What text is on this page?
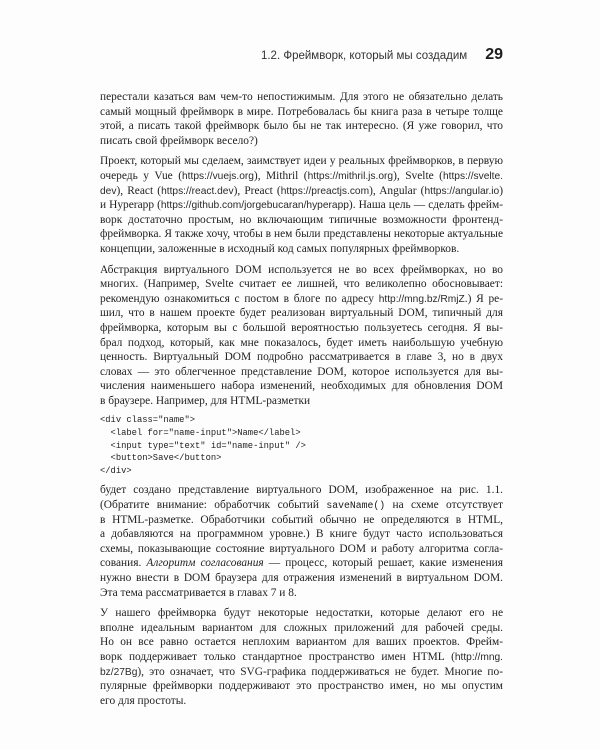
1.2. Фреймворк, который мы создадим 29
перестали казаться вам чем-то непостижимым. Для этого не обязательно делать
самый мощный фреймворк в мире. Потребовалась бы книга раза в четыре толще
этой, а писать такой фреймворк было бы не так интересно. (Я уже говорил, что
писать свой фреймворк весело?)
Проект, который мы сделаем, заимствует идеи у реальных фреймворков, в первую
очередь у Vue (https://vuejs.org), Mithril (https://mithril.js.org), Svelte (https://svelte.
dev), React (https://react.dev), Preact (https://preactjs.com), Angular (https://angular.io)
и Hyperapp (https://github.com/jorgebucaran/hyperapp). Наша цель — сделать фрейм-
ворк достаточно простым, но включающим типичные возможности фронтенд-
фреймворка. Я также хочу, чтобы в нем были представлены некоторые актуальные
концепции, заложенные в исходный код самых популярных фреймворков.
Абстракция виртуального DOM используется не во всех фреймворках, но во
многих. (Например, Svelte считает ее лишней, что великолепно обосновывает:
рекомендую ознакомиться с постом в блоге по адресу http://mng.bz/RmjZ.) Я ре-
шил, что в нашем проекте будет реализован виртуальный DOM, типичный для
фреймворка, которым вы с большой вероятностью пользуетесь сегодня. Я вы-
брал подход, который, как мне показалось, будет иметь наибольшую учебную
ценность. Виртуальный DOM подробно рассматривается в главе 3, но в двух
словах — это облегченное представление DOM, которое используется для вы-
числения наименьшего набора изменений, необходимых для обновления DOM
в браузере. Например, для HTML-разметки
<div class="name">
<label for="name-input">Name</label>
<input type="text" id="name-input" />
<button>Save</button>
</div>
будет создано представление виртуального DOM, изображенное на рис. 1.1.
(Обратите внимание: обработчик событий saveName() на схеме отсутствует
в HTML-разметке. Обработчики событий обычно не определяются в HTML,
а добавляются на программном уровне.) В книге будут часто использоваться
схемы, показывающие состояние виртуального DOM и работу алгоритма согла-
сования. Алгоритм согласования — процесс, который решает, какие изменения
нужно внести в DOM браузера для отражения изменений в виртуальном DOM.
Эта тема рассматривается в главах 7 и 8.
У нашего фреймворка будут некоторые недостатки, которые делают его не
вполне идеальным вариантом для сложных приложений для рабочей среды.
Но он все равно остается неплохим вариантом для ваших проектов. Фрейм-
ворк поддерживает только стандартное пространство имен HTML (http://mng.
bz/27Bg), это означает, что SVG-графика поддерживаться не будет. Многие по-
пулярные фреймворки поддерживают это пространство имен, но мы опустим
его для простоты.
